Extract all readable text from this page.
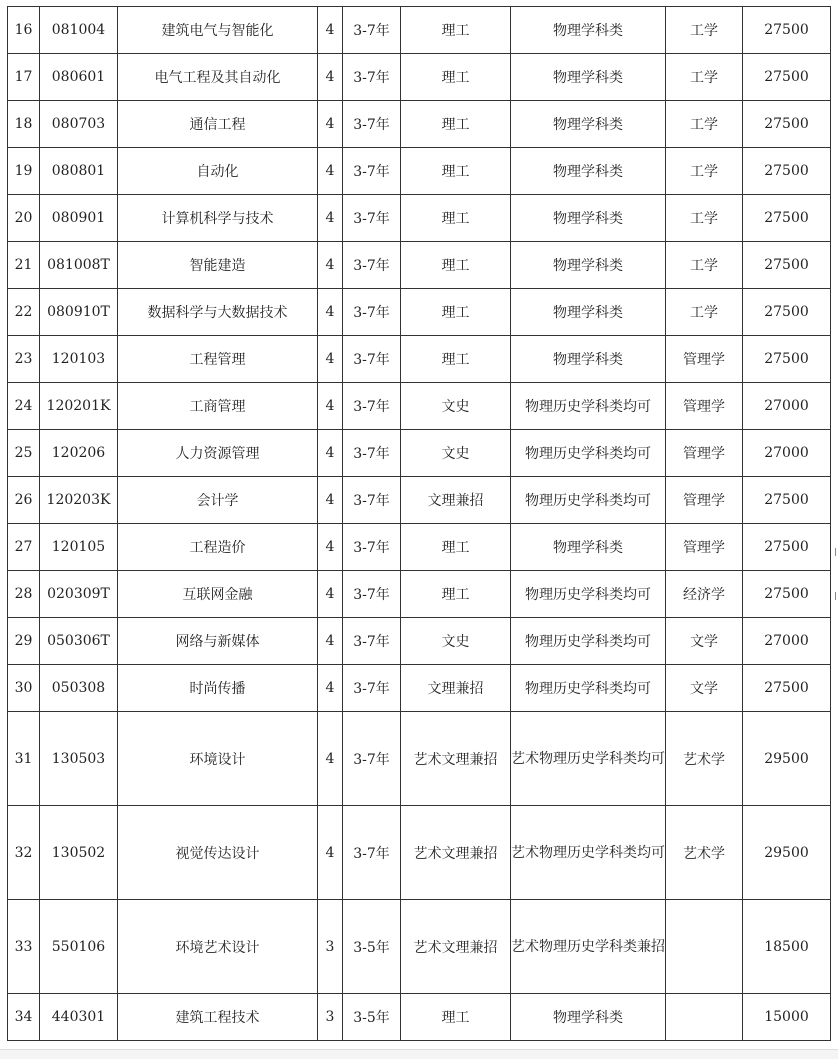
16	081004	建筑电气与智能化	4	3-7年	理工	物理学科类	工学	27500
17	080601	电气工程及其自动化	4	3-7年	理工	物理学科类	工学	27500
18	080703	通信工程	4	3-7年	理工	物理学科类	工学	27500
19	080801	自动化	4	3-7年	理工	物理学科类	工学	27500
20	080901	计算机科学与技术	4	3-7年	理工	物理学科类	工学	27500
21	081008T	智能建造	4	3-7年	理工	物理学科类	工学	27500
22	080910T	数据科学与大数据技术	4	3-7年	理工	物理学科类	工学	27500
23	120103	工程管理	4	3-7年	理工	物理学科类	管理学	27500
24	120201K	工商管理	4	3-7年	文史	物理历史学科类均可	管理学	27000
25	120206	人力资源管理	4	3-7年	文史	物理历史学科类均可	管理学	27000
26	120203K	会计学	4	3-7年	文理兼招	物理历史学科类均可	管理学	27500
27	120105	工程造价	4	3-7年	理工	物理学科类	管理学	27500
28	020309T	互联网金融	4	3-7年	理工	物理历史学科类均可	经济学	27500
29	050306T	网络与新媒体	4	3-7年	文史	物理历史学科类均可	文学	27000
30	050308	时尚传播	4	3-7年	文理兼招	物理历史学科类均可	文学	27500
31	130503	环境设计	4	3-7年	艺术文理兼招	艺术物理历史学科类均可	艺术学	29500
32	130502	视觉传达设计	4	3-7年	艺术文理兼招	艺术物理历史学科类均可	艺术学	29500
33	550106	环境艺术设计	3	3-5年	艺术文理兼招	艺术物理历史学科类兼招		18500
34	440301	建筑工程技术	3	3-5年	理工	物理学科类		15000
